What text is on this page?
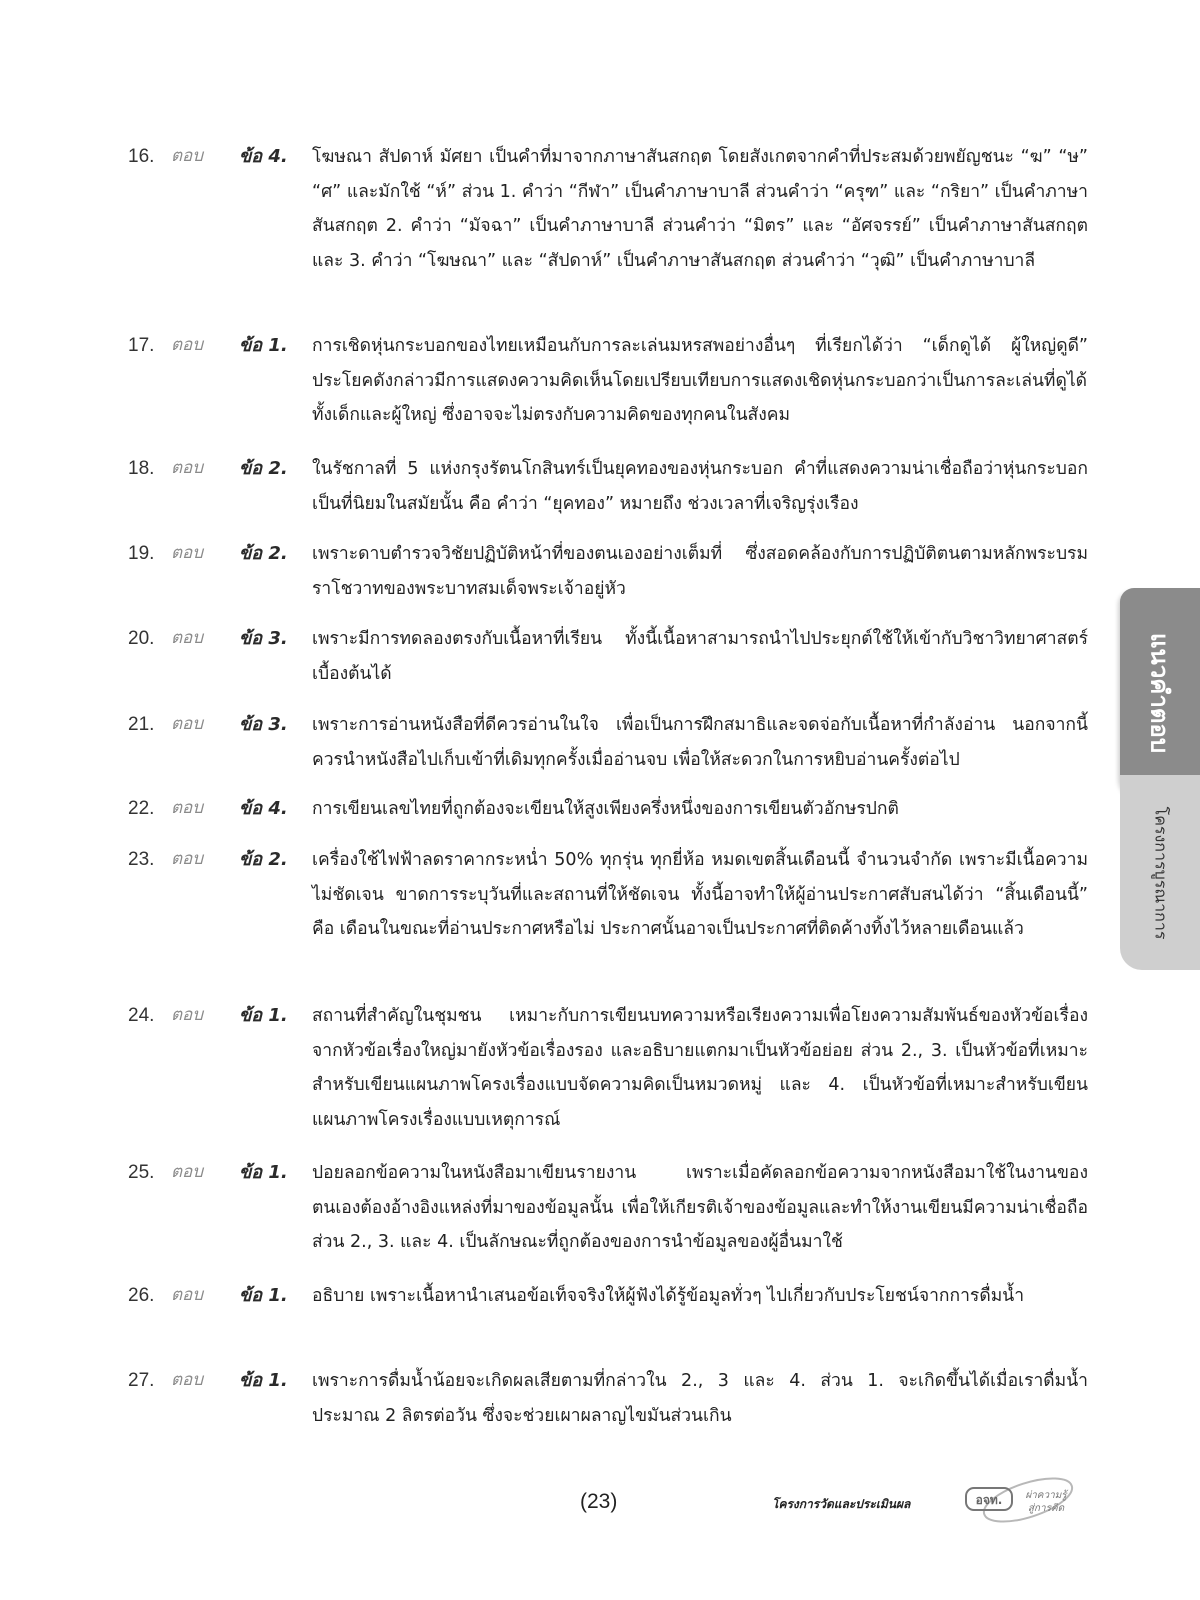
16. ตอบ ข้อ 4. โฆษณา สัปดาห์ มัศยา เป็นคำที่มาจากภาษาสันสกฤต โดยสังเกตจากคำที่ประสมด้วยพยัญชนะ “ฆ” “ษ” “ศ” และมักใช้ “ห์” ส่วน 1. คำว่า “กีฬา” เป็นคำภาษาบาลี ส่วนคำว่า “ครุฑ” และ “กริยา” เป็นคำภาษาสันสกฤต 2. คำว่า “มัจฉา” เป็นคำภาษาบาลี ส่วนคำว่า “มิตร” และ “อัศจรรย์” เป็นคำภาษาสันสกฤต และ 3. คำว่า “โฆษณา” และ “สัปดาห์” เป็นคำภาษาสันสกฤต ส่วนคำว่า “วุฒิ” เป็นคำภาษาบาลี
17. ตอบ ข้อ 1. การเชิดหุ่นกระบอกของไทยเหมือนกับการละเล่นมหรสพอย่างอื่นๆ ที่เรียกได้ว่า “เด็กดูได้ ผู้ใหญ่ดูดี” ประโยคดังกล่าวมีการแสดงความคิดเห็นโดยเปรียบเทียบการแสดงเชิดหุ่นกระบอกว่าเป็นการละเล่นที่ดูได้ทั้งเด็กและผู้ใหญ่ ซึ่งอาจจะไม่ตรงกับความคิดของทุกคนในสังคม
18. ตอบ ข้อ 2. ในรัชกาลที่ 5 แห่งกรุงรัตนโกสินทร์เป็นยุคทองของหุ่นกระบอก คำที่แสดงความน่าเชื่อถือว่าหุ่นกระบอกเป็นที่นิยมในสมัยนั้น คือ คำว่า “ยุคทอง” หมายถึง ช่วงเวลาที่เจริญรุ่งเรือง
19. ตอบ ข้อ 2. เพราะดาบตำรวจวิชัยปฏิบัติหน้าที่ของตนเองอย่างเต็มที่ ซึ่งสอดคล้องกับการปฏิบัติตนตามหลักพระบรมราโชวาทของพระบาทสมเด็จพระเจ้าอยู่หัว
20. ตอบ ข้อ 3. เพราะมีการทดลองตรงกับเนื้อหาที่เรียน ทั้งนี้เนื้อหาสามารถนำไปประยุกต์ใช้ให้เข้ากับวิชาวิทยาศาสตร์เบื้องต้นได้
21. ตอบ ข้อ 3. เพราะการอ่านหนังสือที่ดีควรอ่านในใจ เพื่อเป็นการฝึกสมาธิและจดจ่อกับเนื้อหาที่กำลังอ่าน นอกจากนี้ควรนำหนังสือไปเก็บเข้าที่เดิมทุกครั้งเมื่ออ่านจบ เพื่อให้สะดวกในการหยิบอ่านครั้งต่อไป
22. ตอบ ข้อ 4. การเขียนเลขไทยที่ถูกต้องจะเขียนให้สูงเพียงครึ่งหนึ่งของการเขียนตัวอักษรปกติ
23. ตอบ ข้อ 2. เครื่องใช้ไฟฟ้าลดราคากระหน่ำ 50% ทุกรุ่น ทุกยี่ห้อ หมดเขตสิ้นเดือนนี้ จำนวนจำกัด เพราะมีเนื้อความไม่ชัดเจน ขาดการระบุวันที่และสถานที่ให้ชัดเจน ทั้งนี้อาจทำให้ผู้อ่านประกาศสับสนได้ว่า “สิ้นเดือนนี้” คือ เดือนในขณะที่อ่านประกาศหรือไม่ ประกาศนั้นอาจเป็นประกาศที่ติดค้างทิ้งไว้หลายเดือนแล้ว
24. ตอบ ข้อ 1. สถานที่สำคัญในชุมชน เหมาะกับการเขียนบทความหรือเรียงความเพื่อโยงความสัมพันธ์ของหัวข้อเรื่องจากหัวข้อเรื่องใหญ่มายังหัวข้อเรื่องรอง และอธิบายแตกมาเป็นหัวข้อย่อย ส่วน 2., 3. เป็นหัวข้อที่เหมาะสำหรับเขียนแผนภาพโครงเรื่องแบบจัดความคิดเป็นหมวดหมู่ และ 4. เป็นหัวข้อที่เหมาะสำหรับเขียนแผนภาพโครงเรื่องแบบเหตุการณ์
25. ตอบ ข้อ 1. ปอยลอกข้อความในหนังสือมาเขียนรายงาน เพราะเมื่อคัดลอกข้อความจากหนังสือมาใช้ในงานของตนเองต้องอ้างอิงแหล่งที่มาของข้อมูลนั้น เพื่อให้เกียรติเจ้าของข้อมูลและทำให้งานเขียนมีความน่าเชื่อถือ ส่วน 2., 3. และ 4. เป็นลักษณะที่ถูกต้องของการนำข้อมูลของผู้อื่นมาใช้
26. ตอบ ข้อ 1. อธิบาย เพราะเนื้อหานำเสนอข้อเท็จจริงให้ผู้ฟังได้รู้ข้อมูลทั่วๆ ไปเกี่ยวกับประโยชน์จากการดื่มน้ำ
27. ตอบ ข้อ 1. เพราะการดื่มน้ำน้อยจะเกิดผลเสียตามที่กล่าวใน 2., 3 และ 4. ส่วน 1. จะเกิดขึ้นได้เมื่อเราดื่มน้ำประมาณ 2 ลิตรต่อวัน ซึ่งจะช่วยเผาผลาญไขมันส่วนเกิน
แนวคำตอบ
โครงการบูรณาการ
(23)	โครงการวัดและประเมินผล	อจท. ผ่าความรู้
สู่การคิด
